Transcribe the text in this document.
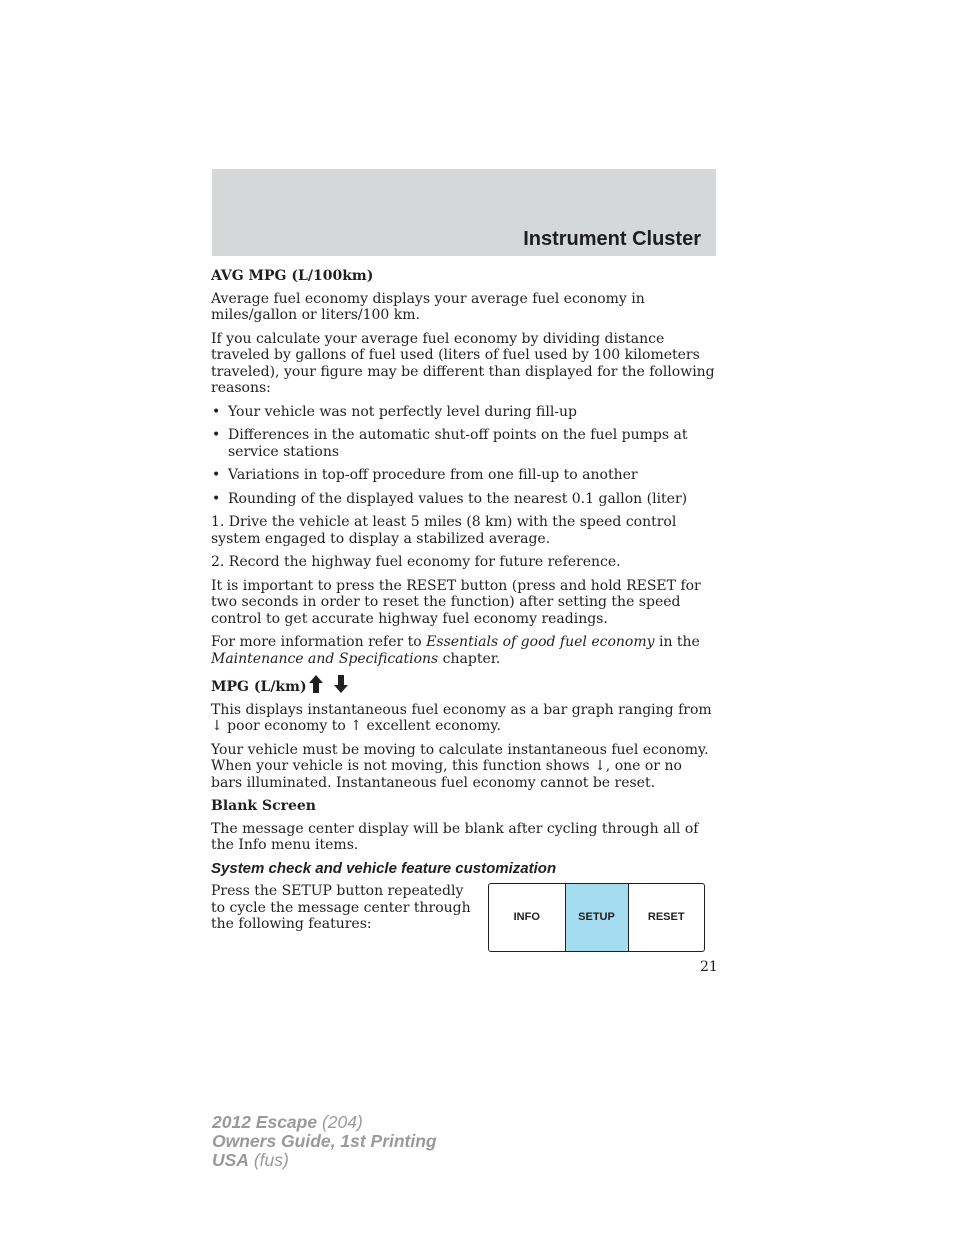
Instrument Cluster
AVG MPG (L/100km)

Average fuel economy displays your average fuel economy in miles/gallon or liters/100 km.

If you calculate your average fuel economy by dividing distance traveled by gallons of fuel used (liters of fuel used by 100 kilometers traveled), your figure may be different than displayed for the following reasons:

• Your vehicle was not perfectly level during fill-up
• Differences in the automatic shut-off points on the fuel pumps at service stations
• Variations in top-off procedure from one fill-up to another
• Rounding of the displayed values to the nearest 0.1 gallon (liter)

1. Drive the vehicle at least 5 miles (8 km) with the speed control system engaged to display a stabilized average.

2. Record the highway fuel economy for future reference.

It is important to press the RESET button (press and hold RESET for two seconds in order to reset the function) after setting the speed control to get accurate highway fuel economy readings.

For more information refer to Essentials of good fuel economy in the Maintenance and Specifications chapter.

MPG (L/km)

This displays instantaneous fuel economy as a bar graph ranging from ↓ poor economy to ↑ excellent economy.

Your vehicle must be moving to calculate instantaneous fuel economy. When your vehicle is not moving, this function shows ↓, one or no bars illuminated. Instantaneous fuel economy cannot be reset.

Blank Screen

The message center display will be blank after cycling through all of the Info menu items.

System check and vehicle feature customization

Press the SETUP button repeatedly to cycle the message center through the following features:	INFO	SETUP	RESET
21
2012 Escape (204)
Owners Guide, 1st Printing
USA (fus)
